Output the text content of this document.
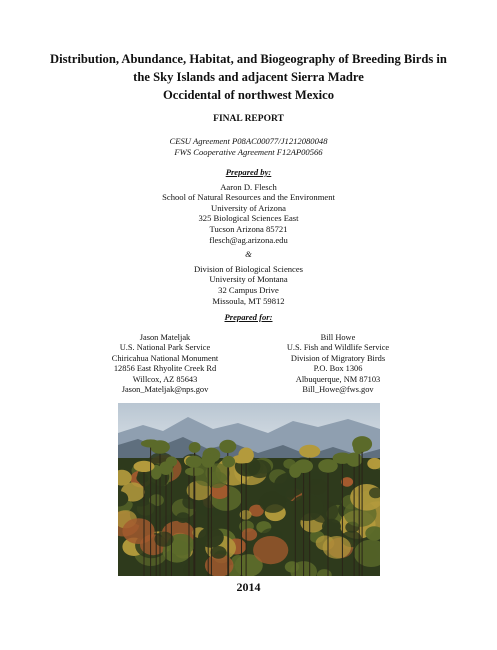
Distribution, Abundance, Habitat, and Biogeography of Breeding Birds in
the Sky Islands and adjacent Sierra Madre
Occidental of northwest Mexico
FINAL REPORT
CESU Agreement P08AC00077/J1212080048
FWS Cooperative Agreement F12AP00566
Prepared by:
Aaron D. Flesch
School of Natural Resources and the Environment
University of Arizona
325 Biological Sciences East
Tucson Arizona 85721
flesch@ag.arizona.edu
&
Division of Biological Sciences
University of Montana
32 Campus Drive
Missoula, MT 59812
Prepared for:
Jason Mateljak
U.S. National Park Service
Chiricahua National Monument
12856 East Rhyolite Creek Rd
Willcox, AZ 85643
Jason_Mateljak@nps.gov
Bill Howe
U.S. Fish and Wildlife Service
Division of Migratory Birds
P.O. Box 1306
Albuquerque, NM 87103
Bill_Howe@fws.gov
2014
